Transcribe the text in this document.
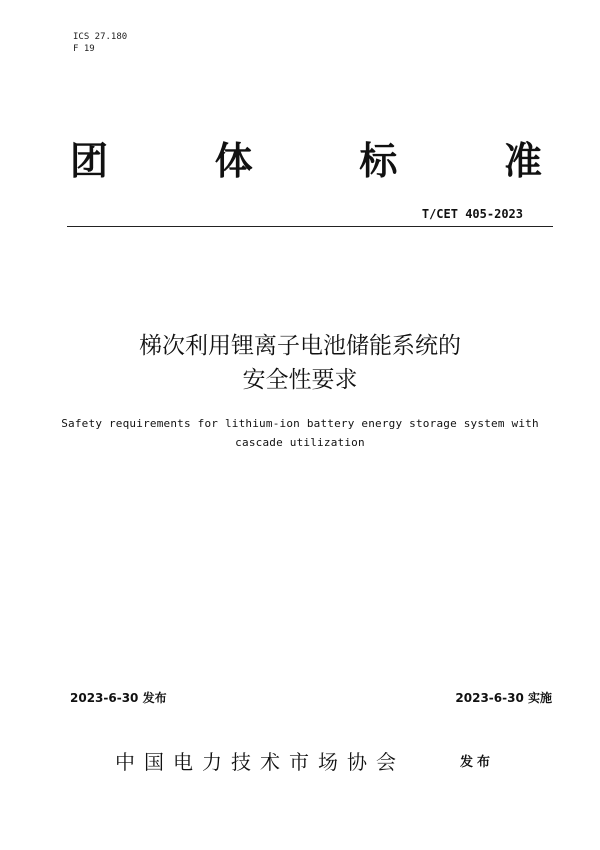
ICS 27.180
F 19
团	体	标	准
T/CET 405-2023
梯次利用锂离子电池储能系统的
安全性要求
Safety requirements for lithium-ion battery energy storage system with
cascade utilization
2023-6-30 发布	2023-6-30 实施
中国电力技术市场协会	发布
